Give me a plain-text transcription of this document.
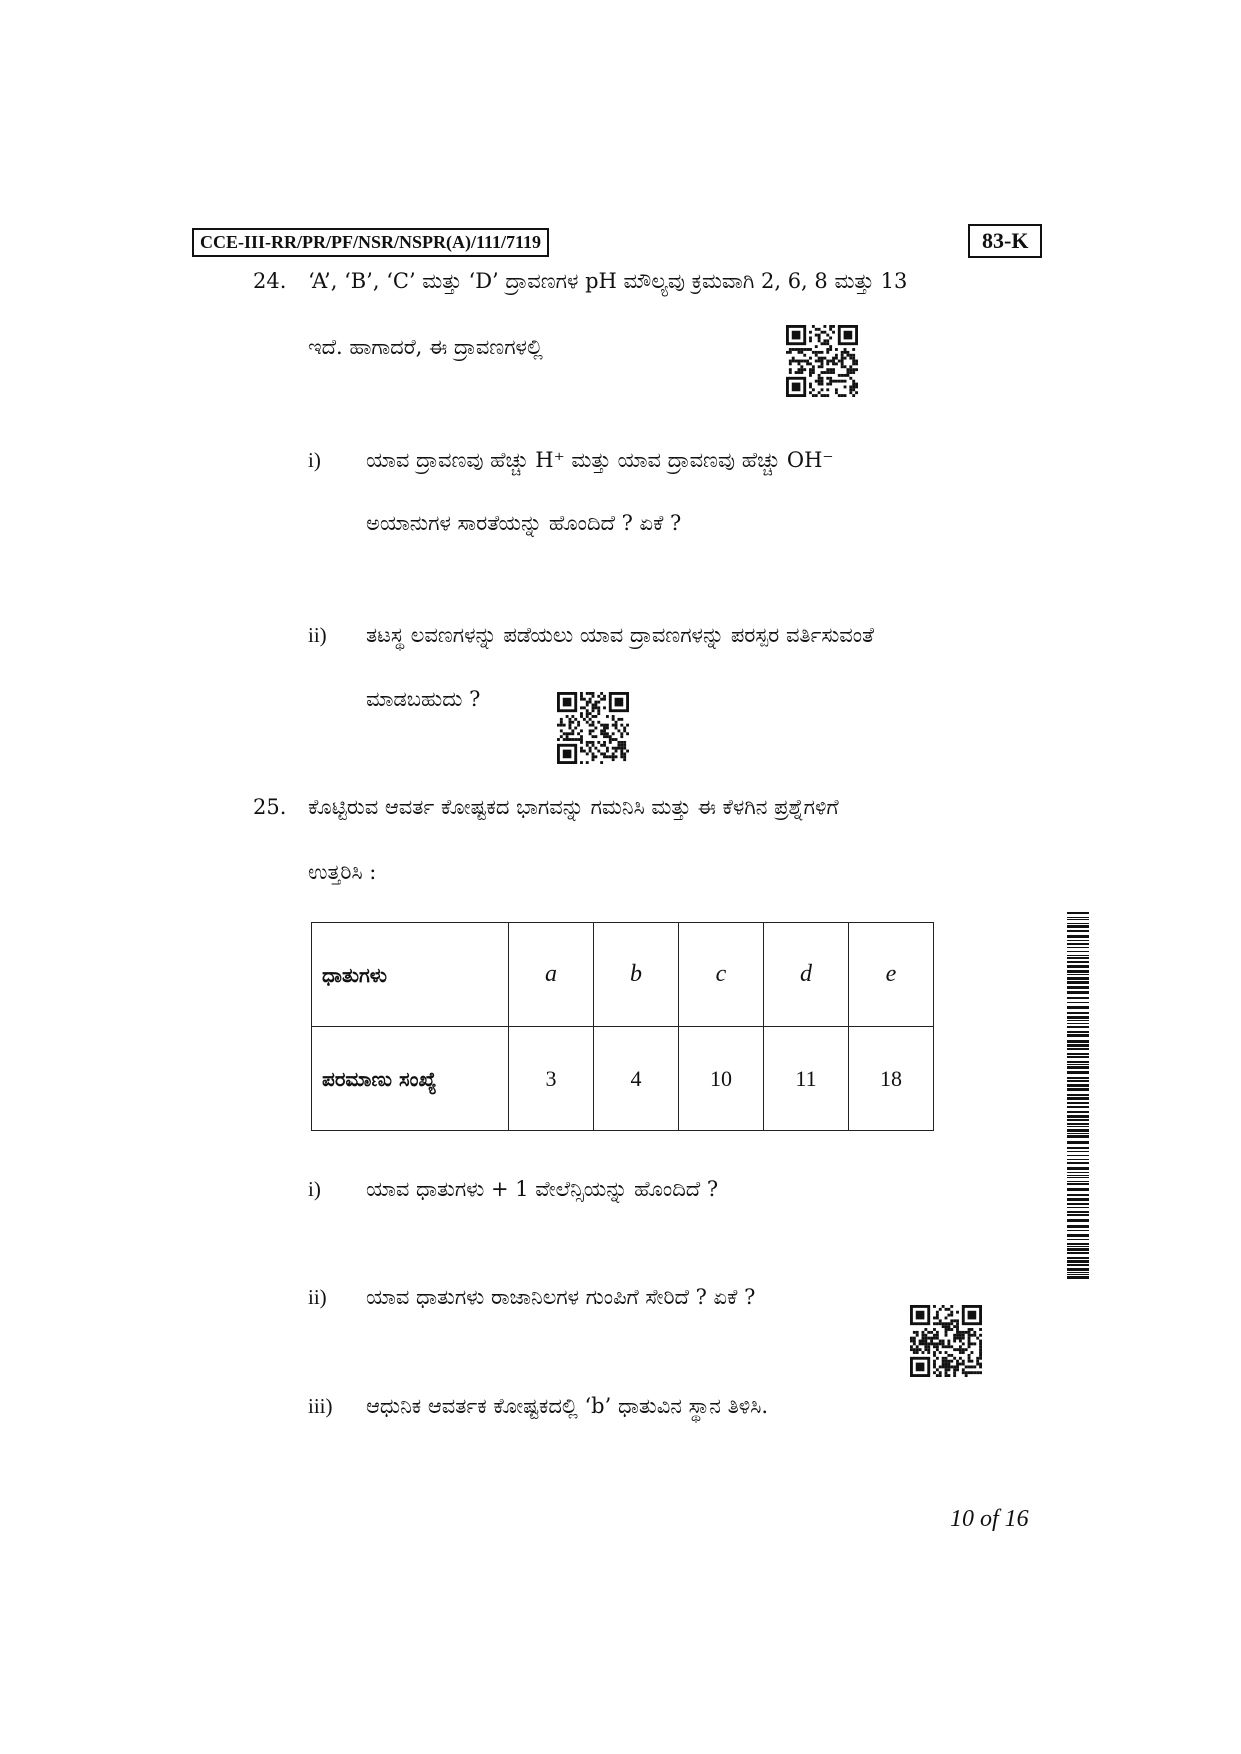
CCE-III-RR/PR/PF/NSR/NSPR(A)/111/7119	83-K
24.	‘A’, ‘B’, ‘C’ ಮತ್ತು ‘D’ ದ್ರಾವಣಗಳ pH ಮೌಲ್ಯವು ಕ್ರಮವಾಗಿ 2, 6, 8 ಮತ್ತು 13
ಇದೆ. ಹಾಗಾದರೆ, ಈ ದ್ರಾವಣಗಳಲ್ಲಿ
i) ಯಾವ ದ್ರಾವಣವು ಹೆಚ್ಚು H⁺ ಮತ್ತು ಯಾವ ದ್ರಾವಣವು ಹೆಚ್ಚು OH⁻
ಅಯಾನುಗಳ ಸಾರತೆಯನ್ನು ಹೊಂದಿದೆ ? ಏಕೆ ?
ii) ತಟಸ್ಥ ಲವಣಗಳನ್ನು ಪಡೆಯಲು ಯಾವ ದ್ರಾವಣಗಳನ್ನು ಪರಸ್ಪರ ವರ್ತಿಸುವಂತೆ
ಮಾಡಬಹುದು ?
25.	ಕೊಟ್ಟಿರುವ ಆವರ್ತ ಕೋಷ್ಟಕದ ಭಾಗವನ್ನು ಗಮನಿಸಿ ಮತ್ತು ಈ ಕೆಳಗಿನ ಪ್ರಶ್ನೆಗಳಿಗೆ
ಉತ್ತರಿಸಿ :
ಧಾತುಗಳು	a	b	c	d	e
ಪರಮಾಣು ಸಂಖ್ಯೆ	3	4	10	11	18
i) ಯಾವ ಧಾತುಗಳು + 1 ವೇಲೆನ್ಸಿಯನ್ನು ಹೊಂದಿದೆ ?
ii) ಯಾವ ಧಾತುಗಳು ರಾಜಾನಿಲಗಳ ಗುಂಪಿಗೆ ಸೇರಿದೆ ? ಏಕೆ ?
iii) ಆಧುನಿಕ ಆವರ್ತಕ ಕೋಷ್ಟಕದಲ್ಲಿ ‘b’ ಧಾತುವಿನ ಸ್ಥಾನ ತಿಳಿಸಿ.
10 of 16
